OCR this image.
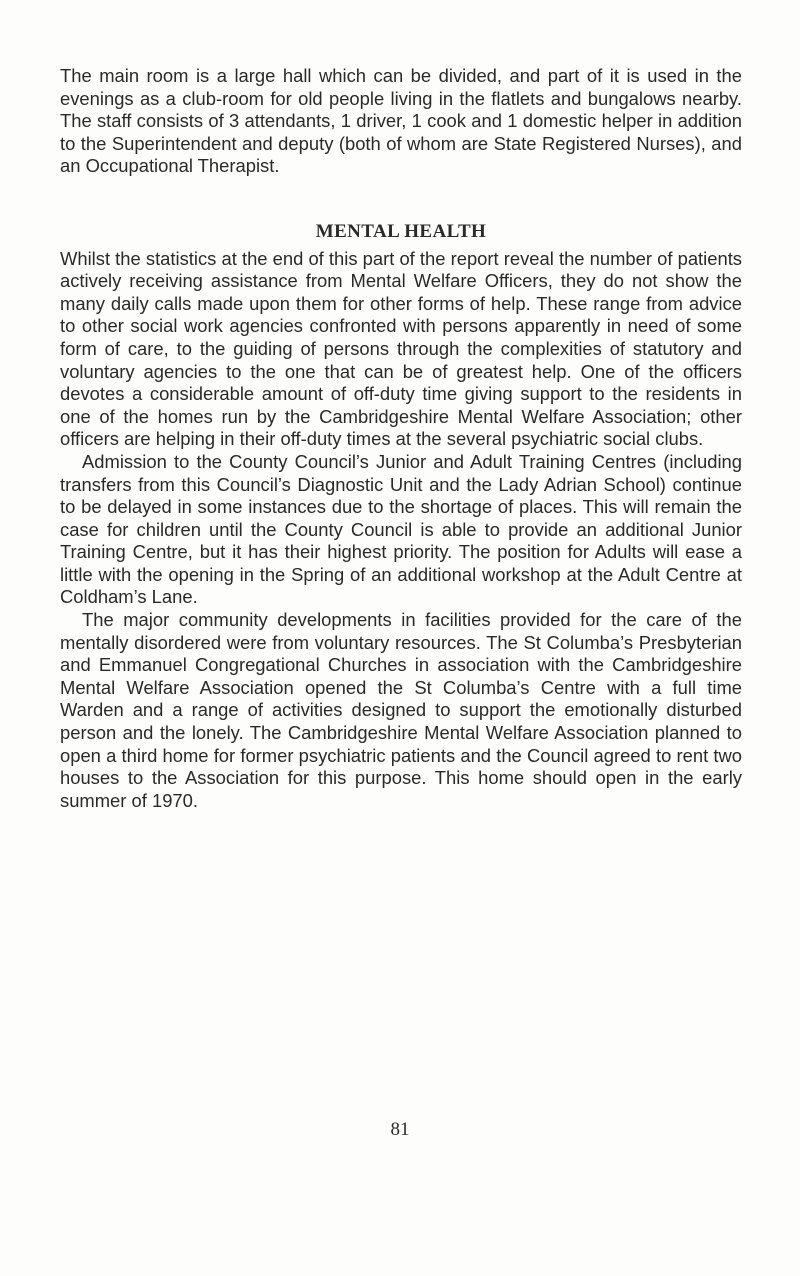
The main room is a large hall which can be divided, and part of it is used in the evenings as a club-room for old people living in the flatlets and bungalows nearby. The staff consists of 3 attendants, 1 driver, 1 cook and 1 domestic helper in addition to the Superintendent and deputy (both of whom are State Registered Nurses), and an Occupational Therapist.

MENTAL HEALTH

Whilst the statistics at the end of this part of the report reveal the number of patients actively receiving assistance from Mental Welfare Officers, they do not show the many daily calls made upon them for other forms of help. These range from advice to other social work agencies confronted with persons apparently in need of some form of care, to the guiding of persons through the complexities of statutory and voluntary agencies to the one that can be of greatest help. One of the officers devotes a considerable amount of off-duty time giving support to the residents in one of the homes run by the Cambridgeshire Mental Welfare Association; other officers are helping in their off-duty times at the several psychiatric social clubs.

Admission to the County Council’s Junior and Adult Training Centres (including transfers from this Council’s Diagnostic Unit and the Lady Adrian School) continue to be delayed in some instances due to the shortage of places. This will remain the case for children until the County Council is able to provide an additional Junior Training Centre, but it has their highest priority. The position for Adults will ease a little with the opening in the Spring of an additional workshop at the Adult Centre at Coldham’s Lane.

The major community developments in facilities provided for the care of the mentally disordered were from voluntary resources. The St Columba’s Presbyterian and Emmanuel Congregational Churches in association with the Cambridgeshire Mental Welfare Association opened the St Columba’s Centre with a full time Warden and a range of activities designed to support the emotionally disturbed person and the lonely. The Cambridgeshire Mental Welfare Association planned to open a third home for former psychiatric patients and the Council agreed to rent two houses to the Association for this purpose. This home should open in the early summer of 1970.

81
